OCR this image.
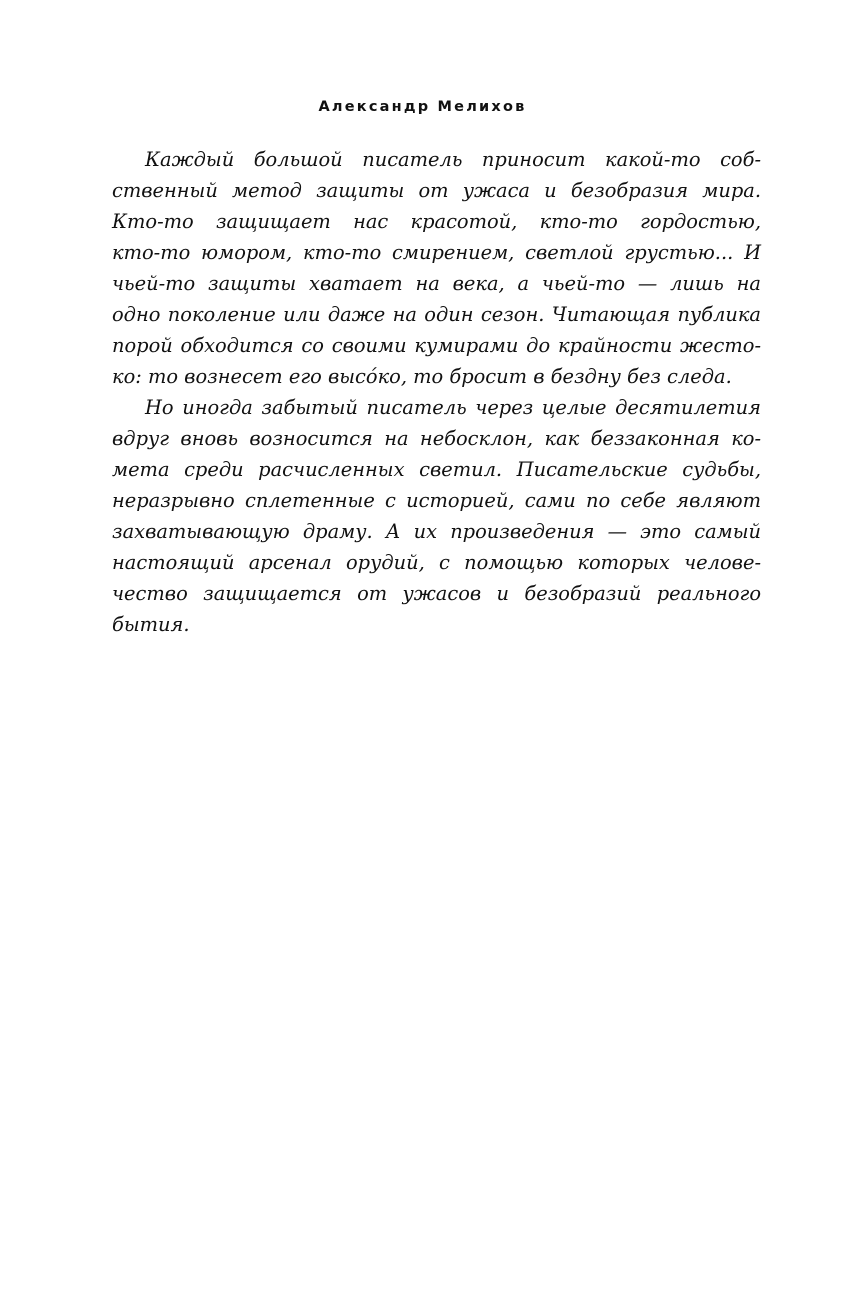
Александр Мелихов

Каждый большой писатель приносит какой-то соб-
ственный метод защиты от ужаса и безобразия мира.
Кто-то защищает нас красотой, кто-то гордостью,
кто-то юмором, кто-то смирением, светлой грустью... И
чьей-то защиты хватает на века, а чьей-то — лишь на
одно поколение или даже на один сезон. Читающая публика
порой обходится со своими кумирами до крайности жесто-
ко: то вознесет его высóко, то бросит в бездну без следа.

Но иногда забытый писатель через целые десятилетия
вдруг вновь возносится на небосклон, как беззаконная ко-
мета среди расчисленных светил. Писательские судьбы,
неразрывно сплетенные с историей, сами по себе являют
захватывающую драму. А их произведения — это самый
настоящий арсенал орудий, с помощью которых челове-
чество защищается от ужасов и безобразий реального
бытия.
